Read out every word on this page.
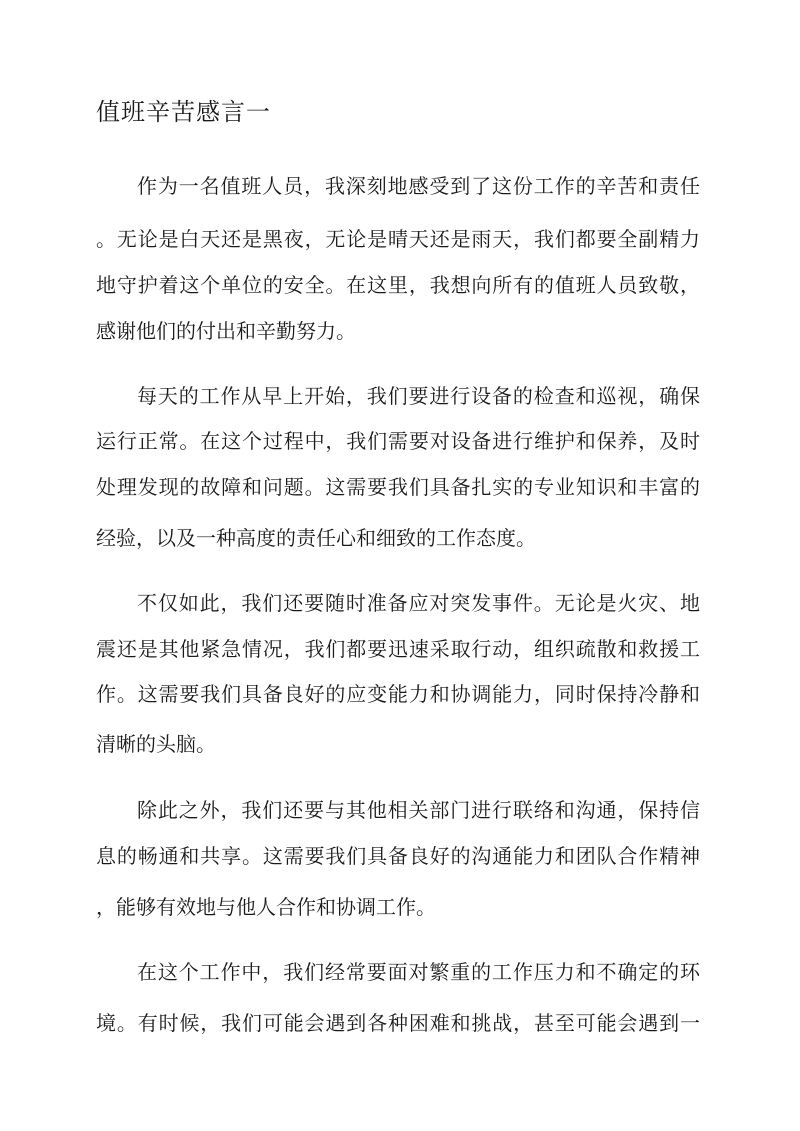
值班辛苦感言一
作为一名值班人员，我深刻地感受到了这份工作的辛苦和责任
。无论是白天还是黑夜，无论是晴天还是雨天，我们都要全副精力
地守护着这个单位的安全。在这里，我想向所有的值班人员致敬，
感谢他们的付出和辛勤努力。
每天的工作从早上开始，我们要进行设备的检查和巡视，确保
运行正常。在这个过程中，我们需要对设备进行维护和保养，及时
处理发现的故障和问题。这需要我们具备扎实的专业知识和丰富的
经验，以及一种高度的责任心和细致的工作态度。
不仅如此，我们还要随时准备应对突发事件。无论是火灾、地
震还是其他紧急情况，我们都要迅速采取行动，组织疏散和救援工
作。这需要我们具备良好的应变能力和协调能力，同时保持冷静和
清晰的头脑。
除此之外，我们还要与其他相关部门进行联络和沟通，保持信
息的畅通和共享。这需要我们具备良好的沟通能力和团队合作精神
，能够有效地与他人合作和协调工作。
在这个工作中，我们经常要面对繁重的工作压力和不确定的环
境。有时候，我们可能会遇到各种困难和挑战，甚至可能会遇到一
